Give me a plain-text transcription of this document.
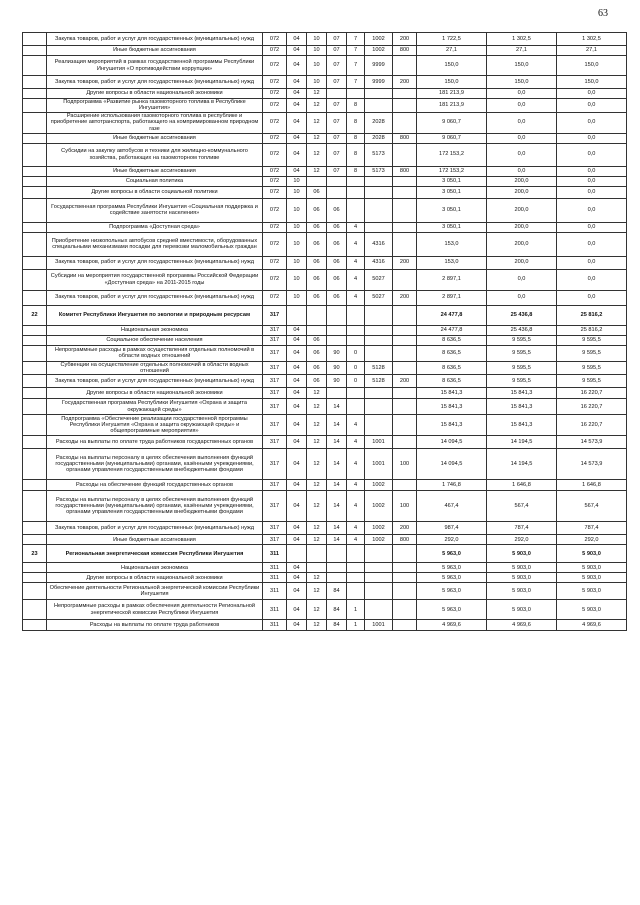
63
	Закупка товаров, работ и услуг для государственных (муниципальных) нужд	072	04	10	07	7	1002	200	1 722,5	1 302,5	1 302,5
	Иные бюджетные ассигнования	072	04	10	07	7	1002	800	27,1	27,1	27,1
	Реализация мероприятий в рамках государственной программы Республики Ингушетия «О противодействии коррупции»	072	04	10	07	7	9999		150,0	150,0	150,0
	Закупка товаров, работ и услуг для государственных (муниципальных) нужд	072	04	10	07	7	9999	200	150,0	150,0	150,0
	Другие вопросы в области национальной экономики	072	04	12					181 213,9	0,0	0,0
	Подпрограмма «Развитие рынка газомоторного топлива в Республике Ингушетия»	072	04	12	07	8			181 213,9	0,0	0,0
	Расширение использования газомоторного топлива в республике и приобретение автотранспорта, работающего на компримированном природном газе	072	04	12	07	8	2028		9 060,7	0,0	0,0
	Иные бюджетные ассигнования	072	04	12	07	8	2028	800	9 060,7	0,0	0,0
	Субсидии на закупку автобусов и техники для жилищно-коммунального хозяйства, работающих на газомоторном топливе	072	04	12	07	8	5173		172 153,2	0,0	0,0
	Иные бюджетные ассигнования	072	04	12	07	8	5173	800	172 153,2	0,0	0,0
	Социальная политика	072	10						3 050,1	200,0	0,0
	Другие вопросы в области социальной политики	072	10	06					3 050,1	200,0	0,0
	Государственная программа Республики Ингушетия «Социальная поддержка и содействие занятости населения»	072	10	06	06				3 050,1	200,0	0,0
	Подпрограмма «Доступная среда»	072	10	06	06	4			3 050,1	200,0	0,0
	Приобретение низкопольных автобусов средней вместимости, оборудованных специальными механизмами посадки для перевозки маломобильных граждан	072	10	06	06	4	4316		153,0	200,0	0,0
	Закупка товаров, работ и услуг для государственных (муниципальных) нужд	072	10	06	06	4	4316	200	153,0	200,0	0,0
	Субсидии на мероприятия государственной программы Российской Федерации «Доступная среда» на 2011-2015 годы	072	10	06	06	4	5027		2 897,1	0,0	0,0
	Закупка товаров, работ и услуг для государственных (муниципальных) нужд	072	10	06	06	4	5027	200	2 897,1	0,0	0,0
22	Комитет Республики Ингушетия по экологии и природным ресурсам	317							24 477,8	25 436,8	25 816,2
	Национальная экономика	317	04						24 477,8	25 436,8	25 816,2
	Социальное обеспечение населения	317	04	06					8 636,5	9 595,5	9 595,5
	Непрограммные расходы в рамках осуществления отдельных полномочий в области водных отношений	317	04	06	90	0			8 636,5	9 595,5	9 595,5
	Субвенции на осуществление отдельных полномочий в области водных отношений	317	04	06	90	0	5128		8 636,5	9 595,5	9 595,5
	Закупка товаров, работ и услуг для государственных (муниципальных) нужд	317	04	06	90	0	5128	200	8 636,5	9 595,5	9 595,5
	Другие вопросы в области национальной экономики	317	04	12					15 841,3	15 841,3	16 220,7
	Государственная программа Республики Ингушетия «Охрана и защита окружающей среды»	317	04	12	14				15 841,3	15 841,3	16 220,7
	Подпрограмма «Обеспечение реализации государственной программы Республики Ингушетия «Охрана и защита окружающей среды» и общепрограммные мероприятия»	317	04	12	14	4			15 841,3	15 841,3	16 220,7
	Расходы на выплаты по оплате труда работников государственных органов	317	04	12	14	4	1001		14 094,5	14 194,5	14 573,9
	Расходы на выплаты персоналу в целях обеспечения выполнения функций государственными (муниципальными) органами, казёнными учреждениями, органами управления государственными внебюджетными фондами	317	04	12	14	4	1001	100	14 094,5	14 194,5	14 573,9
	Расходы на обеспечение функций государственных органов	317	04	12	14	4	1002		1 746,8	1 646,8	1 646,8
	Расходы на выплаты персоналу в целях обеспечения выполнения функций государственными (муниципальными) органами, казёнными учреждениями, органами управления государственными внебюджетными фондами	317	04	12	14	4	1002	100	467,4	567,4	567,4
	Закупка товаров, работ и услуг для государственных (муниципальных) нужд	317	04	12	14	4	1002	200	987,4	787,4	787,4
	Иные бюджетные ассигнования	317	04	12	14	4	1002	800	292,0	292,0	292,0
23	Региональная энергетическая комиссия Республики Ингушетия	311							5 963,0	5 903,0	5 903,0
	Национальная экономика	311	04						5 963,0	5 903,0	5 903,0
	Другие вопросы в области национальной экономики	311	04	12					5 963,0	5 903,0	5 903,0
	Обеспечение деятельности Региональной энергетической комиссии Республики Ингушетия	311	04	12	84				5 963,0	5 903,0	5 903,0
	Непрограммные расходы в рамках обеспечения деятельности Региональной энергетической комиссии Республики Ингушетия	311	04	12	84	1			5 963,0	5 903,0	5 903,0
	Расходы на выплаты по оплате труда работников	311	04	12	84	1	1001		4 969,6	4 969,6	4 969,6
